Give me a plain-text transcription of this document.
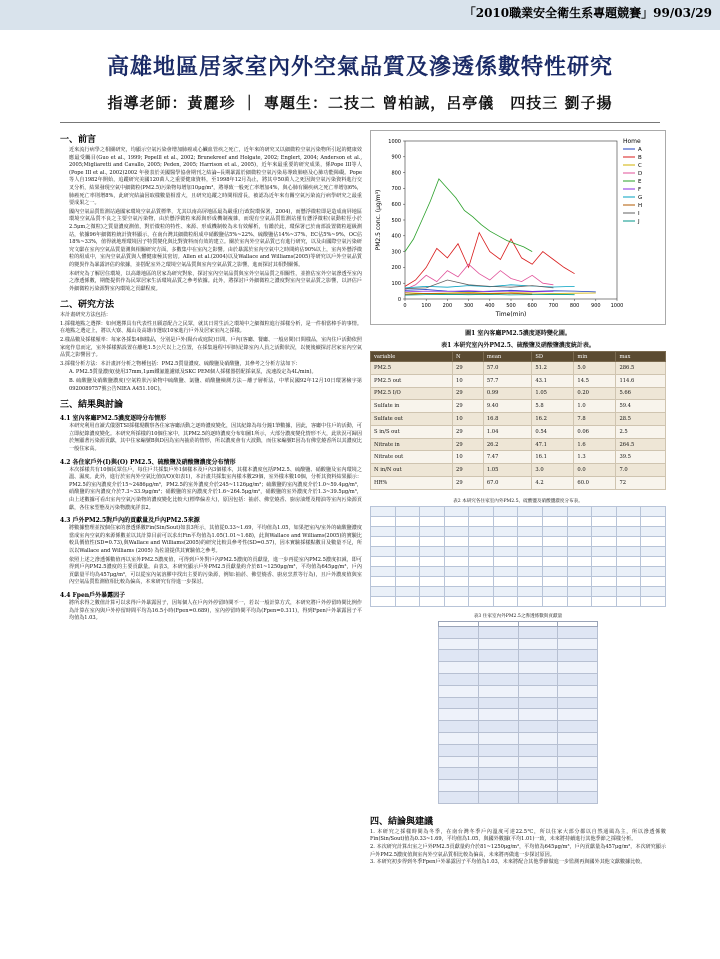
「2010職業安全衛生系專題競賽」99/03/29
高雄地區居家室內外空氣品質及滲透係數特性研究
指導老師：黃麗珍 ｜ 專題生：二技二 曾柏誠，呂亭儀　四技三 劉子揚
一、前言
近來流行病學之相關研究，均顯示空氣污染會增加肺癌或心臟血管疾之死亡，近年來的研究又以細微粒空氣污染物所引起的健康效應最受矚目(Guo et al., 1999; Popelll et al., 2002; Brunekreef and Holgate, 2002; Englert, 2004; Anderson et al., 2005;Migliaretti and Cavallo, 2005; Peden, 2005; Harrison et al., 2005)，近年來最重要的研究成果，係Pope III等人(Pope III et al., 2002)2002 年發表於美國醫學協會期刊之結論─長期暴露於細微粒空氣污染易導致肺癌及心肺功能障礙。Pope等人自1982年開始，追蹤研究美國120萬人之重要健康資料，至1998年12月為止，將其中50萬人之死因與空氣污染資料進行交叉分析，結果發現空氣中細微粒(PM2.5)污染物每增加10μg/m³，將導致一般死亡率增加4%，與心肺有關疾病之死亡率增加6%，肺癌死亡率則增8%，此研究結論因取樣數量相當大，且研究追蹤之時間相當長，被認為近年來有關空氣污染流行病學研究之最重要成果之一。
國內空氣品質監測站過國家環境空氣品質標準，尤其以南高屏地區最為嚴重(行政院環保署，2004)，而懸浮微粒即是造成南屏地區環境空氣品質不良之主要空氣污染物，由於懸浮微粒來源與形成機制複雜，而現有空氣品質監測站僅有懸浮微粒(氣動粒徑小於2.5μm之微粒)之質量濃度測值，對於微粒的特性、來源、形成機制較為未有效解析，有鑑於此，環保署已於南部設置微粒超級測站，依據96年細微粒統計資料顯示，在南台灣其細微粒組成中硝酸鹽佔5%~22%、硫酸鹽佔14%~37%、EC佔5%~9%、OC佔18%~33%，值得就地理環境因子特質變化與比對資料而有效的建立。關於室內外空氣品質已有進行研究，以及由國際空氣污染研究文獻在室內空氣品質量測與相關研究方面，多數集中在室內之影響。由於暴露於室內空氣中之時間約佔90%以上，室內外懸浮微粒的組成中，室內空氣品質與人體健康極其密切。Allen et al.(2004)以及Wallace and Williams(2005)等研究以戶外空氣品質的變異作為暴露評估的依據，並搭配室外之環境空氣品質與室內空氣品質之影響，進而探討其相對關係。
本研究為了解居住環境，以高雄地區的居家為研究對象，探討室內空氣品質與室外空氣品質之相關性，並推估室外空氣滲透至室內之滲透係數，期能提供作為民眾居家生活環境品質之參考依據。此外，將探討戶外細微粒之濃度對室內空氣品質之影響，以評估戶外細微粒污染源對室內環境之貢獻程度。
二、研究方法
本計畫研究方法包括：
1.採樣地點之選擇：如何選擇具有代表性且願意配合之民眾，就其日常生活之環境中之細微粒進行採樣分析，是一件相當棒手的事情。在地點之選定上，將以大寮、鳳山及高雄市選取10家進行戶外及居家室內之採樣。
2.樣品數及採樣頻率：每家各採集4個樣品，分別是戶外(陽台或庭院)日間、戶內(客廳、餐廳、一般房間)日間樣品，室內住戶活動依照家庭作息而定，室外採樣點設置在離地1.5公尺以上之位置，在採集過程中同時記錄室內人員之活動狀況，以便後續探討居家室內空氣品質之影響因子。
3.採樣分析方法：本計畫評分析之物種包括：PM2.5質量濃度、硫酸鹽及硝酸鹽，其參考之分析方法如下：
A. PM2.5質量濃度(使用37mm,1μm鐵氟龍濾紙及SKC PEM個人採樣器搭配採氣泵，流速設定為4L/min)。
B. 硫酸鹽及硝酸鹽濃度(空氣粒狀污染物中硫酸鹽、氯鹽、硝酸鹽檢測方法－離子層析法，中華民國92年12月10日環署檢字第0920089757號公告NIEA A451.10C)。
三、結果與討論
4.1 室內客廳PM2.5濃度逐時分布情形
本研究利用直讀式儀器TSI採樣現觀察各住家客廳活動之逐時濃度變化，因其紀錄為每分鐘1筆數據，因此，客廳中住戶的活動，可立即紀錄濃度變化。本研究所採樣的10個住家中，其PM2.5的逐時濃度分布如圖1所示，大部分濃度變化情形不大，此狀況可歸因於無顯著污染源貢獻，其中住家編號B與D因為室內抽菸的情形，所以濃度會有大波動，而住家編號E因為有佛堂燒香所以其濃度比一般住家高。
4.2 各住家戶外(I)與(O) PM2.5、硫酸鹽及硝酸鹽濃度分布情形
本次採樣共有10個民眾住戶，每住戶共採集戶外1個樣本及戶內3個樣本，其樣本濃度包括PM2.5、硫酸鹽、硝酸鹽及室內環境之溫、濕度。此外，進行於室內外空氣比值(I/O)(如表1)，本計畫共採集室內樣本數29個，室外樣本數10個，分析其資料結果顯示：PM2.5的室內濃度介於15~2486μg/m³，PM2.5的室外濃度介於245~1126μg/m³；硫酸鹽的室內濃度介於1.0~59.4μg/m³，硝酸鹽的室內濃度介於7.3~33.9μg/m³；硝酸鹽的室內濃度介於1.6~264.5μg/m³，硝酸鹽的室外濃度介於1.3~39.5μg/m³，由上述數據可看出室內空氣污染物的濃度變化比較大(標準偏差大)，原因包括：抽菸、佛堂燒香、廚房油煙及精油等室內污染源貢獻，各住家型態及污染物濃度詳表2。
4.3 戶外PM2.5對戶內的貢獻量及戶內PM2.5來源
將數據整理並按個住家的滲透係數Fin(Sin/Sout)如表3所示，其值從0.33~1.69，平均值為1.05，如果把室內/室外的硫酸鹽濃度當成室內空氣的來源係數並以其計算目前可以求出Fin平均值為1.05(1.01~1.68)，此與Wallace and Williams(2005)的實驗比較具價值性(SD=0.73),與Wallace and Williams(2005)的研究比較具參考性(SD=0.57)，因本實驗採樣點數目及數量不足，所以以Wallace and Williams (2005) 為佐證提供其實驗值之參考。
依照上述之滲透係數值再以室外PM2.5濃度值，可得到戶外對戶內PM2.5濃度的貢獻量，進一步再從室內PM2.5濃度扣減，即可得到戶內PM2.5濃度的主要貢獻量。由表3，本研究顯示戶外PM2.5貢獻量約介於81~1250μg/m³，平均值為645μg/m³，戶內貢獻量平均為457μg/m³，可以從室內氣溶膠中找出主要的污染源，例如:抽菸、佛堂燒香、廚房烹煮等行為)，且戶外濃度值與室內空氣品質監測值相比較為偏高，本來研究有待進一步探討。
4.4 Fpen戶外暴露因子
將所求得之數值計算可以求得戶外暴露因子，因每個人在戶內外停留時間不一，若以一般計算方式，本研究將戶外停留時間比例作為計算在室內與戶外停留時間平均為16.5小時(Fpen=0.689)，室內停留時間平均為(Fpen=0.311)，得到Fpen戶外暴露因子平均值為1.03。
0	100 200 300 400 500 600 700 800 900 1000
0
100
200
300
400
500
600
700
800
900
1000
Time(min)
PM2.5 conc. (μg/m³)
Home
A
B
C
D
E
F
G
H
I
J
圖1 室內客廳PM2.5濃度逐時變化圖。
表1 本研究室內外PM2.5、硫酸鹽及硝酸鹽濃度統計表。
variable	N	mean	SD	min	max
PM2.5	29	57.0	51.2	5.0	286.5
PM2.5 out	10	57.7	43.1	14.5	114.6
PM2.5 I/O	29	0.99	1.05	0.20	5.66
Sulfate in	29	9.40	5.8	1.0	59.4
Sulfate out	10	16.8	16.2	7.8	28.5
S in/S out	29	1.04	0.54	0.06	2.5
Nitrate in	29	26.2	47.1	1.6	264.5
Nitrate out	10	7.47	16.1	1.3	39.5
N in/N out	29	1.05	3.0	0.0	7.0
HR%	29	67.0	4.2	60.0	72
表2 本研究各住家室內外PM2.5、硫酸鹽及硝酸鹽濃度分布表。

表3 住家室內外PM2.5之滲透係數與貢獻量

四、結論與建議
1. 本研究之採樣時間為冬季，在南台灣冬季戶內溫度可達22.5℃，所以住家大部分都以自然通風為主，所以滲透係數Fin(Sin/Sout)值為0.33~1.69，平均值為1.05，與國外數據(平均1.01)一致，未來將持續進行其他季節之採樣分析。
2. 本次研究計算出室之戶外PM2.5貢獻量約介於81~1250μg/m³，平均值為645μg/m³，戶內貢獻量為457μg/m³，本次研究顯示戶外PM2.5濃度值與室內外空氣品質相比較為偏高，未來將再做進一步探討原因。
3. 本研究初步得到冬季Fpen戶外暴露因子平均值為1.03，未來將配合其他季節做進一步監測再與國外其他文獻數據比較。
